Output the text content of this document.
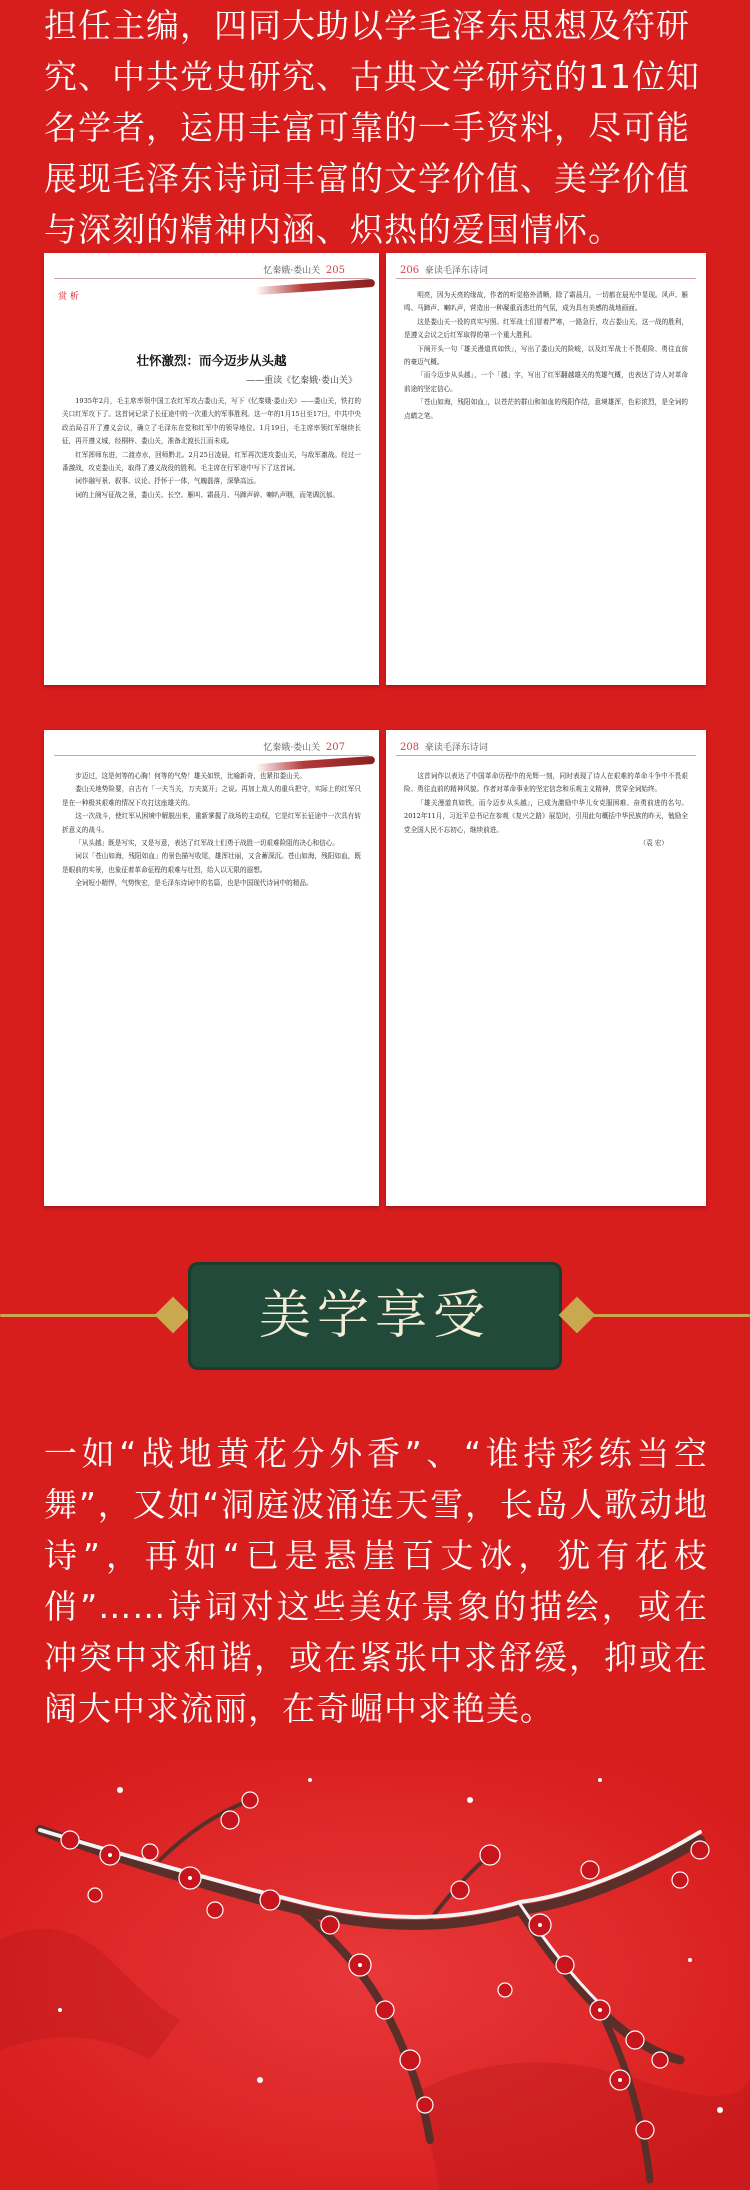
担任主编，四同大助以学毛泽东思想及符研究、中共党史研究、古典文学研究的11位知名学者，运用丰富可靠的一手资料，尽可能展现毛泽东诗词丰富的文学价值、美学价值与深刻的精神内涵、炽热的爱国情怀。

忆秦娥·娄山关 205
赏 析
壮怀激烈：而今迈步从头越
——重读《忆秦娥·娄山关》

1935年2月，毛主席率领中国工农红军攻占娄山关，写下《忆秦娥·娄山关》——娄山关，铁打的关口红军攻下了。这首词记录了长征途中的一次重大的军事胜利。这一年的1月15日至17日，中共中央政治局召开了遵义会议，确立了毛泽东在党和红军中的领导地位。1月19日，毛主席率领红军继续长征，再开遵义城，经桐梓、娄山关，准备北渡长江而未成。

红军挥师东进，二渡赤水，回师黔北。2月25日凌晨，红军再次进攻娄山关，与敌军激战。经过一番激战，攻克娄山关，取得了遵义战役的胜利。毛主席在行军途中写下了这首词。

词作融写景、叙事、议论、抒怀于一体，气魄磊落，深挚高远。

词的上阕写征战之景，娄山关、长空、雁叫、霜晨月、马蹄声碎、喇叭声咽，而笔调沉郁。

206 豪读毛泽东诗词

明亮，因为天亮的缘故，作者的听觉格外清晰，除了霜晨月，一切都在晨光中显现。风声、雁鸣、马蹄声、喇叭声，营造出一种凝重而悲壮的气氛，成为具有美感的战地画面。

这是娄山关一役的真实写照。红军战士们冒着严寒，一路急行，攻占娄山关，这一战的胜利，是遵义会议之后红军取得的第一个重大胜利。

下阕开头一句「雄关漫道真如铁」，写出了娄山关的险峻，以及红军战士不畏艰险、勇往直前的豪迈气概。

「而今迈步从头越」，一个「越」字，写出了红军翻越雄关的英雄气概，也表达了诗人对革命前途的坚定信心。

「苍山如海，残阳如血」，以苍茫的群山和如血的残阳作结，意境雄浑，色彩浓烈，是全词的点睛之笔。

忆秦娥·娄山关 207

步迈过，这是何等的心胸！何等的气势！雄关如铁，比喻新奇，也紧扣娄山关。

娄山关地势险要，自古有「一夫当关，万夫莫开」之说。再加上敌人的重兵把守，实际上的红军只是在一种极其艰难的情况下攻打这座雄关的。

这一次战斗，使红军从困境中解脱出来，重新掌握了战场的主动权，它是红军长征途中一次具有转折意义的战斗。

「从头越」既是写实，又是写意，表达了红军战士们勇于战胜一切艰难险阻的决心和信心。

词以「苍山如海，残阳如血」的景色描写收尾，雄浑壮丽，又含蓄深沉。苍山如海，残阳如血，既是眼前的实景，也象征着革命征程的艰难与壮烈，给人以无限的遐想。

全词短小精悍，气势恢宏，是毛泽东诗词中的名篇，也是中国现代诗词中的精品。

208 豪读毛泽东诗词

这首词作以表达了中国革命历程中的光辉一刻，同时表现了诗人在艰难的革命斗争中不畏艰险、勇往直前的精神风貌。作者对革命事业的坚定信念和乐观主义精神，贯穿全词始终。

「雄关漫道真如铁，而今迈步从头越」，已成为激励中华儿女克服困难、奋勇前进的名句。2012年11月，习近平总书记在参观《复兴之路》展览时，引用此句概括中华民族的昨天，勉励全党全国人民不忘初心，继续前进。

（袁 宏）

美学享受

一如“战地黄花分外香”、“谁持彩练当空舞”，又如“洞庭波涌连天雪，长岛人歌动地诗”，再如“已是悬崖百丈冰，犹有花枝俏”……诗词对这些美好景象的描绘，或在冲突中求和谐，或在紧张中求舒缓，抑或在阔大中求流丽，在奇崛中求艳美。
